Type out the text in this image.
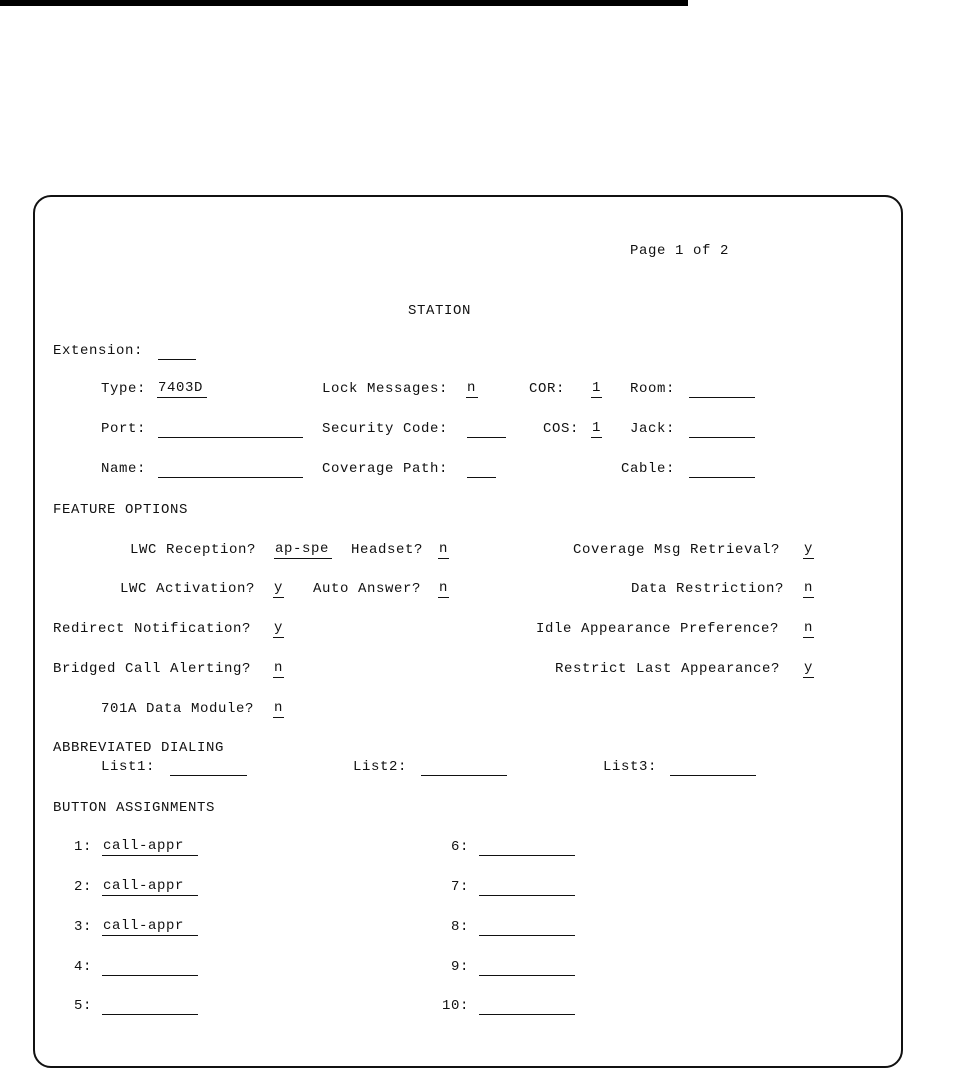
Page 1 of 2
STATION
Extension:
Type: 7403D	Lock Messages: n	COR: 1 Room:
Port:	Security Code:	COS: 1 Jack:
Name:	Coverage Path:	Cable:
FEATURE OPTIONS
LWC Reception? ap-spe Headset? n	Coverage Msg Retrieval? y
LWC Activation? y Auto Answer? n	Data Restriction? n
Redirect Notification? y	Idle Appearance Preference? n
Bridged Call Alerting? n	Restrict Last Appearance? y
701A Data Module? n
ABBREVIATED DIALING
List1:	List2:	List3:
BUTTON ASSIGNMENTS
1: call-appr
2: call-appr
3: call-appr
4:
5:
6:
7:
8:
9:
10:
